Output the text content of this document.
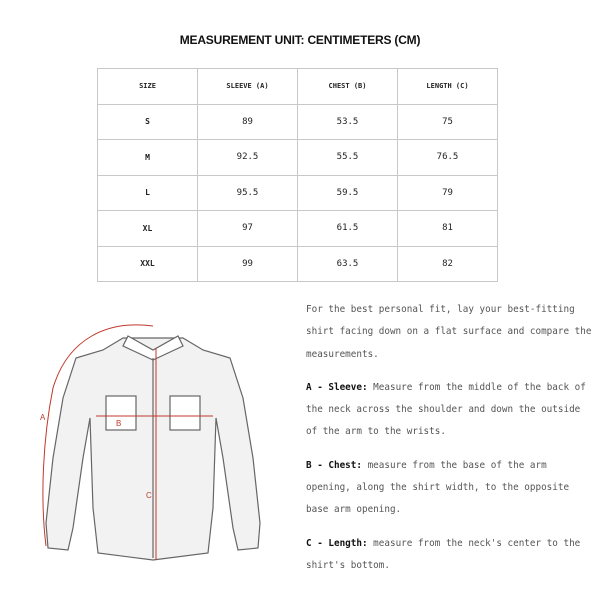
MEASUREMENT UNIT: CENTIMETERS (CM)
SIZE	SLEEVE (A)	CHEST (B)	LENGTH (C)
S	89	53.5	75
M	92.5	55.5	76.5
L	95.5	59.5	79
XL	97	61.5	81
XXL	99	63.5	82
A
B
C

For the best personal fit, lay your best-fitting shirt facing down on a flat surface and compare the measurements.

A - Sleeve: Measure from the middle of the back of the neck across the shoulder and down the outside of the arm to the wrists.

B - Chest: measure from the base of the arm opening, along the shirt width, to the opposite base arm opening.

C - Length: measure from the neck's center to the shirt's bottom.
